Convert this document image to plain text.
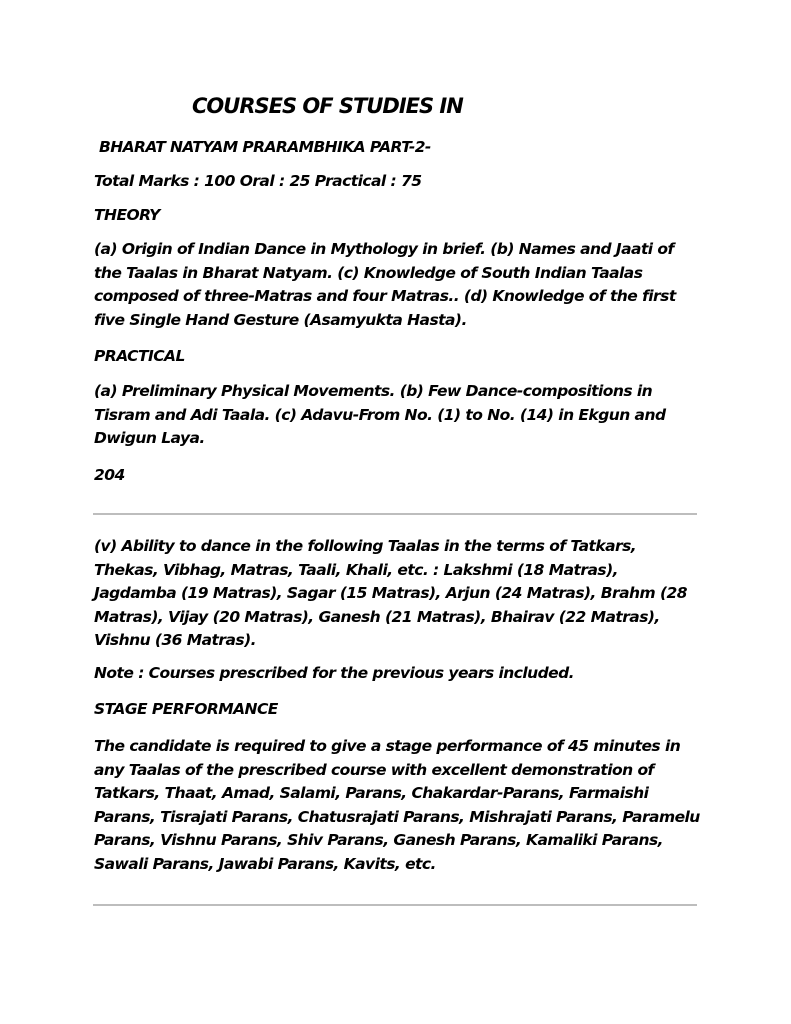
COURSES OF STUDIES IN
BHARAT NATYAM PRARAMBHIKA PART-2-
Total Marks : 100 Oral : 25 Practical : 75
THEORY

(a) Origin of Indian Dance in Mythology in brief. (b) Names and Jaati of the Taalas in Bharat Natyam. (c) Knowledge of South Indian Taalas composed of three-Matras and four Matras.. (d) Knowledge of the first five Single Hand Gesture (Asamyukta Hasta).

PRACTICAL

(a) Preliminary Physical Movements. (b) Few Dance-compositions in Tisram and Adi Taala. (c) Adavu-From No. (1) to No. (14) in Ekgun and Dwigun Laya.

204

(v) Ability to dance in the following Taalas in the terms of Tatkars, Thekas, Vibhag, Matras, Taali, Khali, etc. : Lakshmi (18 Matras), Jagdamba (19 Matras), Sagar (15 Matras), Arjun (24 Matras), Brahm (28 Matras), Vijay (20 Matras), Ganesh (21 Matras), Bhairav (22 Matras), Vishnu (36 Matras).

Note : Courses prescribed for the previous years included.
STAGE PERFORMANCE

The candidate is required to give a stage performance of 45 minutes in any Taalas of the prescribed course with excellent demonstration of Tatkars, Thaat, Amad, Salami, Parans, Chakardar-Parans, Farmaishi Parans, Tisrajati Parans, Chatusrajati Parans, Mishrajati Parans, Paramelu Parans, Vishnu Parans, Shiv Parans, Ganesh Parans, Kamaliki Parans, Sawali Parans, Jawabi Parans, Kavits, etc.
